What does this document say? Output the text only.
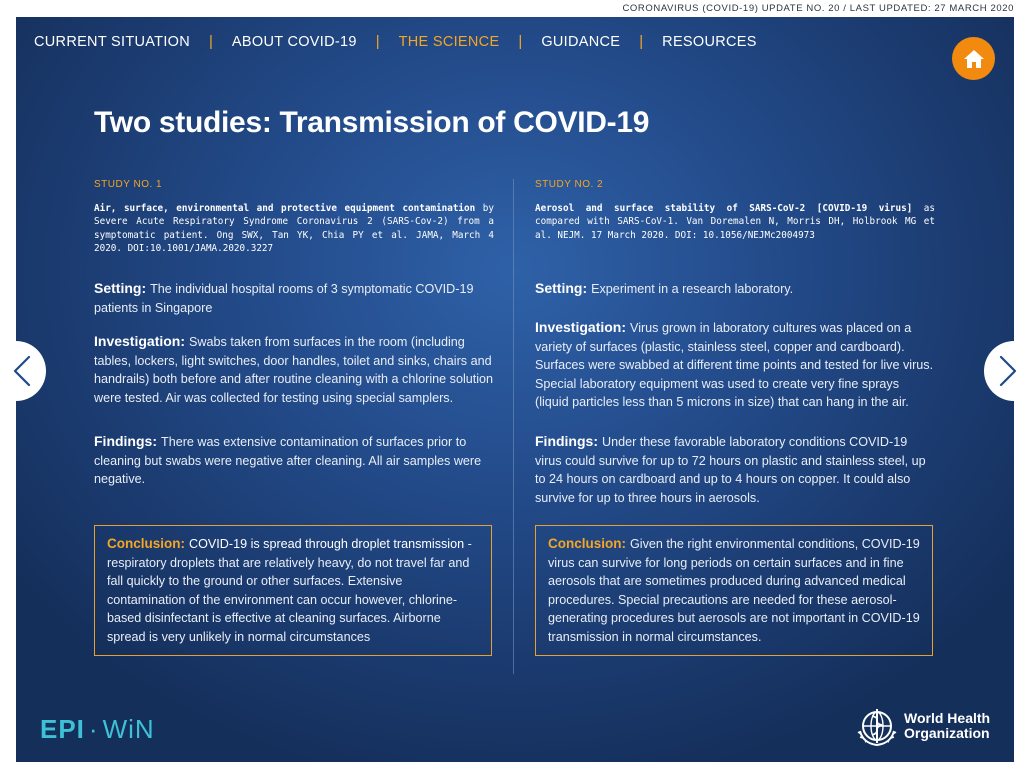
CORONAVIRUS (COVID-19) UPDATE NO. 20 / LAST UPDATED: 27 MARCH 2020
CURRENT SITUATION | ABOUT COVID-19 | THE SCIENCE | GUIDANCE | RESOURCES
Two studies: Transmission of COVID-19
STUDY NO. 1
Air, surface, environmental and protective equipment contamination by Severe Acute Respiratory Syndrome Coronavirus 2 (SARS-Cov-2) from a symptomatic patient. Ong SWX, Tan YK, Chia PY et al. JAMA, March 4 2020. DOI:10.1001/JAMA.2020.3227
Setting: The individual hospital rooms of 3 symptomatic COVID-19 patients in Singapore
Investigation: Swabs taken from surfaces in the room (including tables, lockers, light switches, door handles, toilet and sinks, chairs and handrails) both before and after routine cleaning with a chlorine solution were tested. Air was collected for testing using special samplers.
Findings: There was extensive contamination of surfaces prior to cleaning but swabs were negative after cleaning. All air samples were negative.
Conclusion: COVID-19 is spread through droplet transmission - respiratory droplets that are relatively heavy, do not travel far and fall quickly to the ground or other surfaces. Extensive contamination of the environment can occur however, chlorine-based disinfectant is effective at cleaning surfaces. Airborne spread is very unlikely in normal circumstances
STUDY NO. 2
Aerosol and surface stability of SARS-CoV-2 [COVID-19 virus] as compared with SARS-CoV-1. Van Doremalen N, Morris DH, Holbrook MG et al. NEJM. 17 March 2020. DOI: 10.1056/NEJMc2004973
Setting: Experiment in a research laboratory.
Investigation: Virus grown in laboratory cultures was placed on a variety of surfaces (plastic, stainless steel, copper and cardboard). Surfaces were swabbed at different time points and tested for live virus. Special laboratory equipment was used to create very fine sprays (liquid particles less than 5 microns in size) that can hang in the air.
Findings: Under these favorable laboratory conditions COVID-19 virus could survive for up to 72 hours on plastic and stainless steel, up to 24 hours on cardboard and up to 4 hours on copper. It could also survive for up to three hours in aerosols.
Conclusion: Given the right environmental conditions, COVID-19 virus can survive for long periods on certain surfaces and in fine aerosols that are sometimes produced during advanced medical procedures. Special precautions are needed for these aerosol-generating procedures but aerosols are not important in COVID-19 transmission in normal circumstances.
EPI · WiN	World Health
Organization
